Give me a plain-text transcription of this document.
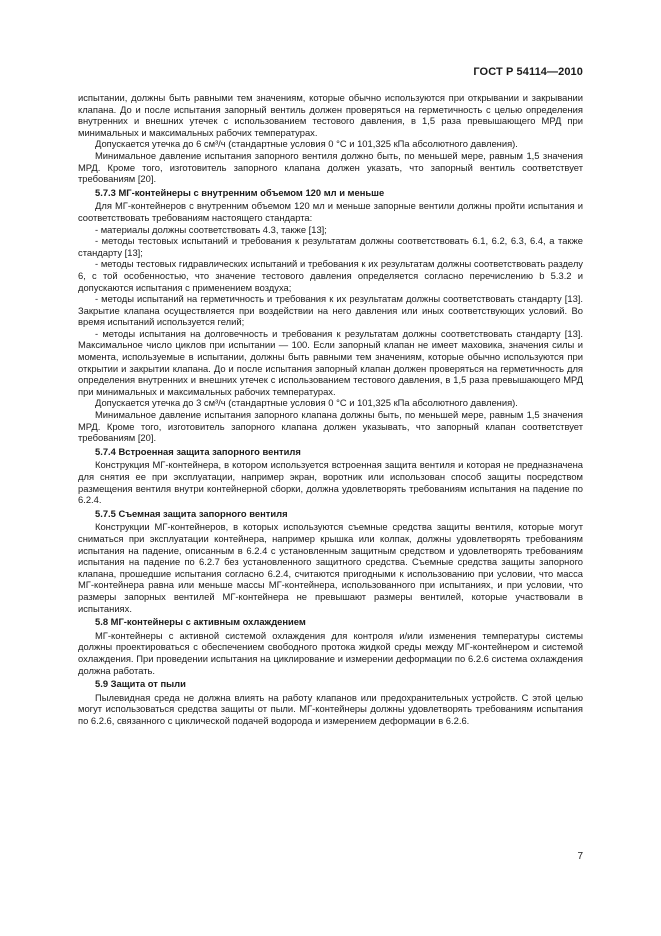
ГОСТ Р 54114—2010

испытании, должны быть равными тем значениям, которые обычно используются при открывании и закрывании клапана. До и после испытания запорный вентиль должен проверяться на герметичность с целью определения внутренних и внешних утечек с использованием тестового давления, в 1,5 раза превышающего МРД при минимальных и максимальных рабочих температурах.

Допускается утечка до 6 см³/ч (стандартные условия 0 °С и 101,325 кПа абсолютного давления).

Минимальное давление испытания запорного вентиля должно быть, по меньшей мере, равным 1,5 значения МРД. Кроме того, изготовитель запорного клапана должен указать, что запорный вентиль соответствует требованиям [20].

5.7.3 МГ-контейнеры с внутренним объемом 120 мл и меньше

Для МГ-контейнеров с внутренним объемом 120 мл и меньше запорные вентили должны пройти испытания и соответствовать требованиям настоящего стандарта:

- материалы должны соответствовать 4.3, также [13];

- методы тестовых испытаний и требования к результатам должны соответствовать 6.1, 6.2, 6.3, 6.4, а также стандарту [13];

- методы тестовых гидравлических испытаний и требования к их результатам должны соответствовать разделу 6, с той особенностью, что значение тестового давления определяется согласно перечислению b 5.3.2 и допускаются испытания с применением воздуха;

- методы испытаний на герметичность и требования к их результатам должны соответствовать стандарту [13]. Закрытие клапана осуществляется при воздействии на него давления или иных соответствующих условий. Во время испытаний используется гелий;

- методы испытания на долговечность и требования к результатам должны соответствовать стандарту [13]. Максимальное число циклов при испытании — 100. Если запорный клапан не имеет маховика, значения силы и момента, используемые в испытании, должны быть равными тем значениям, которые обычно используются при открытии и закрытии клапана. До и после испытания запорный клапан должен проверяться на герметичность для определения внутренних и внешних утечек с использованием тестового давления, в 1,5 раза превышающего МРД при минимальных и максимальных рабочих температурах.

Допускается утечка до 3 см³/ч (стандартные условия 0 °С и 101,325 кПа абсолютного давления).

Минимальное давление испытания запорного клапана должны быть, по меньшей мере, равным 1,5 значения МРД. Кроме того, изготовитель запорного клапана должен указывать, что запорный клапан соответствует требованиям [20].

5.7.4 Встроенная защита запорного вентиля

Конструкция МГ-контейнера, в котором используется встроенная защита вентиля и которая не предназначена для снятия ее при эксплуатации, например экран, воротник или использован способ защиты посредством размещения вентиля внутри контейнерной сборки, должна удовлетворять требованиям испытания на падение по 6.2.4.

5.7.5 Съемная защита запорного вентиля

Конструкции МГ-контейнеров, в которых используются съемные средства защиты вентиля, которые могут сниматься при эксплуатации контейнера, например крышка или колпак, должны удовлетворять требованиям испытания на падение, описанным в 6.2.4 с установленным защитным средством и удовлетворять требованиям испытания на падение по 6.2.7 без установленного защитного средства. Съемные средства защиты запорного клапана, прошедшие испытания согласно 6.2.4, считаются пригодными к использованию при условии, что масса МГ-контейнера равна или меньше массы МГ-контейнера, использованного при испытаниях, и при условии, что размеры запорных вентилей МГ-контейнера не превышают размеры вентилей, которые участвовали в испытаниях.

5.8 МГ-контейнеры с активным охлаждением

МГ-контейнеры с активной системой охлаждения для контроля и/или изменения температуры системы должны проектироваться с обеспечением свободного протока жидкой среды между МГ-контейнером и системой охлаждения. При проведении испытания на циклирование и измерении деформации по 6.2.6 система охлаждения должна работать.

5.9 Защита от пыли

Пылевидная среда не должна влиять на работу клапанов или предохранительных устройств. С этой целью могут использоваться средства защиты от пыли. МГ-контейнеры должны удовлетворять требованиям испытания по 6.2.6, связанного с циклической подачей водорода и измерением деформации в 6.2.6.

7
